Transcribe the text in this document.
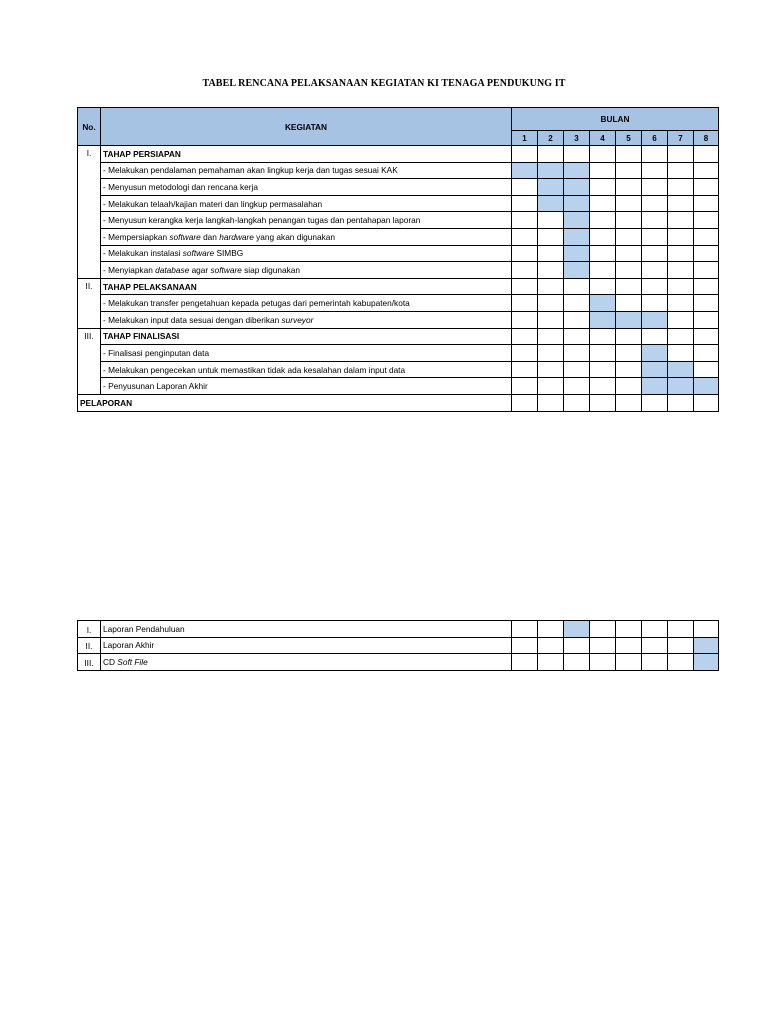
TABEL RENCANA PELAKSANAAN KEGIATAN KI TENAGA PENDUKUNG IT
No.	KEGIATAN	BULAN							
		1	2	3	4	5	6	7	8
I.	TAHAP PERSIAPAN								
	- Melakukan pendalaman pemahaman akan lingkup kerja dan tugas sesuai KAK								
	- Menyusun metodologi dan rencana kerja								
	- Melakukan telaah/kajian materi dan lingkup permasalahan								
	- Menyusun kerangka kerja langkah-langkah penangan tugas dan pentahapan laporan								
	- Mempersiapkan software dan hardware yang akan digunakan								
	- Melakukan instalasi software SIMBG								
	- Menyiapkan database agar software siap digunakan								
II.	TAHAP PELAKSANAAN								
	- Melakukan transfer pengetahuan kepada petugas dari pemerintah kabupaten/kota								
	- Melakukan input data sesuai dengan diberikan surveyor								
III.	TAHAP FINALISASI								
	- Finalisasi penginputan data								
	- Melakukan pengecekan untuk memastikan tidak ada kesalahan dalam input data								
	- Penyusunan Laporan Akhir								
PELAPORAN									
I.	Laporan Pendahuluan								
II.	Laporan Akhir								
III.	CD Soft File								
